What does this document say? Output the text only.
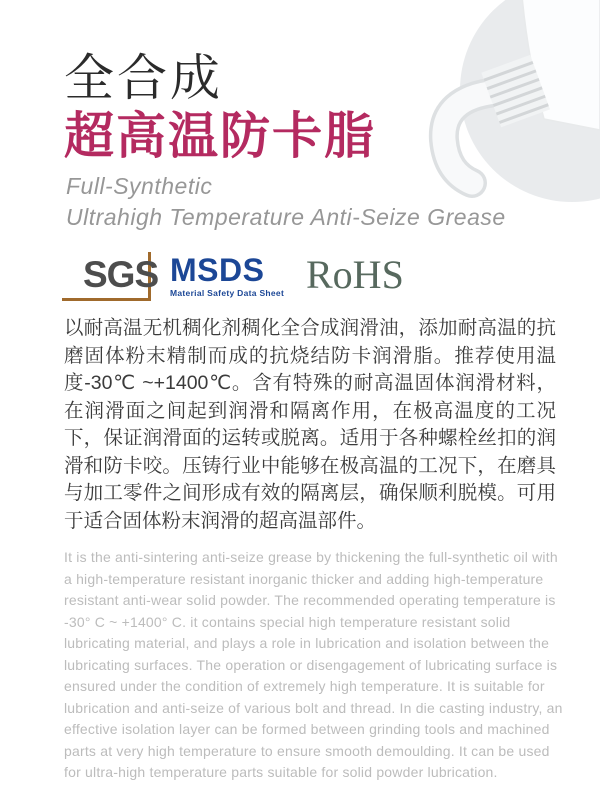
全合成
超高温防卡脂
Full-Synthetic
Ultrahigh Temperature Anti-Seize Grease
SGS MSDS
Material Safety Data Sheet RoHS

以耐高温无机稠化剂稠化全合成润滑油，添加耐高温的抗磨固体粉末精制而成的抗烧结防卡润滑脂。推荐使用温度-30℃ ~+1400℃。含有特殊的耐高温固体润滑材料，在润滑面之间起到润滑和隔离作用，在极高温度的工况下，保证润滑面的运转或脱离。适用于各种螺栓丝扣的润滑和防卡咬。压铸行业中能够在极高温的工况下，在磨具与加工零件之间形成有效的隔离层，确保顺利脱模。可用于适合固体粉末润滑的超高温部件。

It is the anti-sintering anti-seize grease by thickening the full-synthetic oil with a high-temperature resistant inorganic thicker and adding high-temperature resistant anti-wear solid powder. The recommended operating temperature is -30° C ~ +1400° C. it contains special high temperature resistant solid lubricating material, and plays a role in lubrication and isolation between the lubricating surfaces. The operation or disengagement of lubricating surface is ensured under the condition of extremely high temperature. It is suitable for lubrication and anti-seize of various bolt and thread. In die casting industry, an effective isolation layer can be formed between grinding tools and machined parts at very high temperature to ensure smooth demoulding. It can be used for ultra-high temperature parts suitable for solid powder lubrication.
